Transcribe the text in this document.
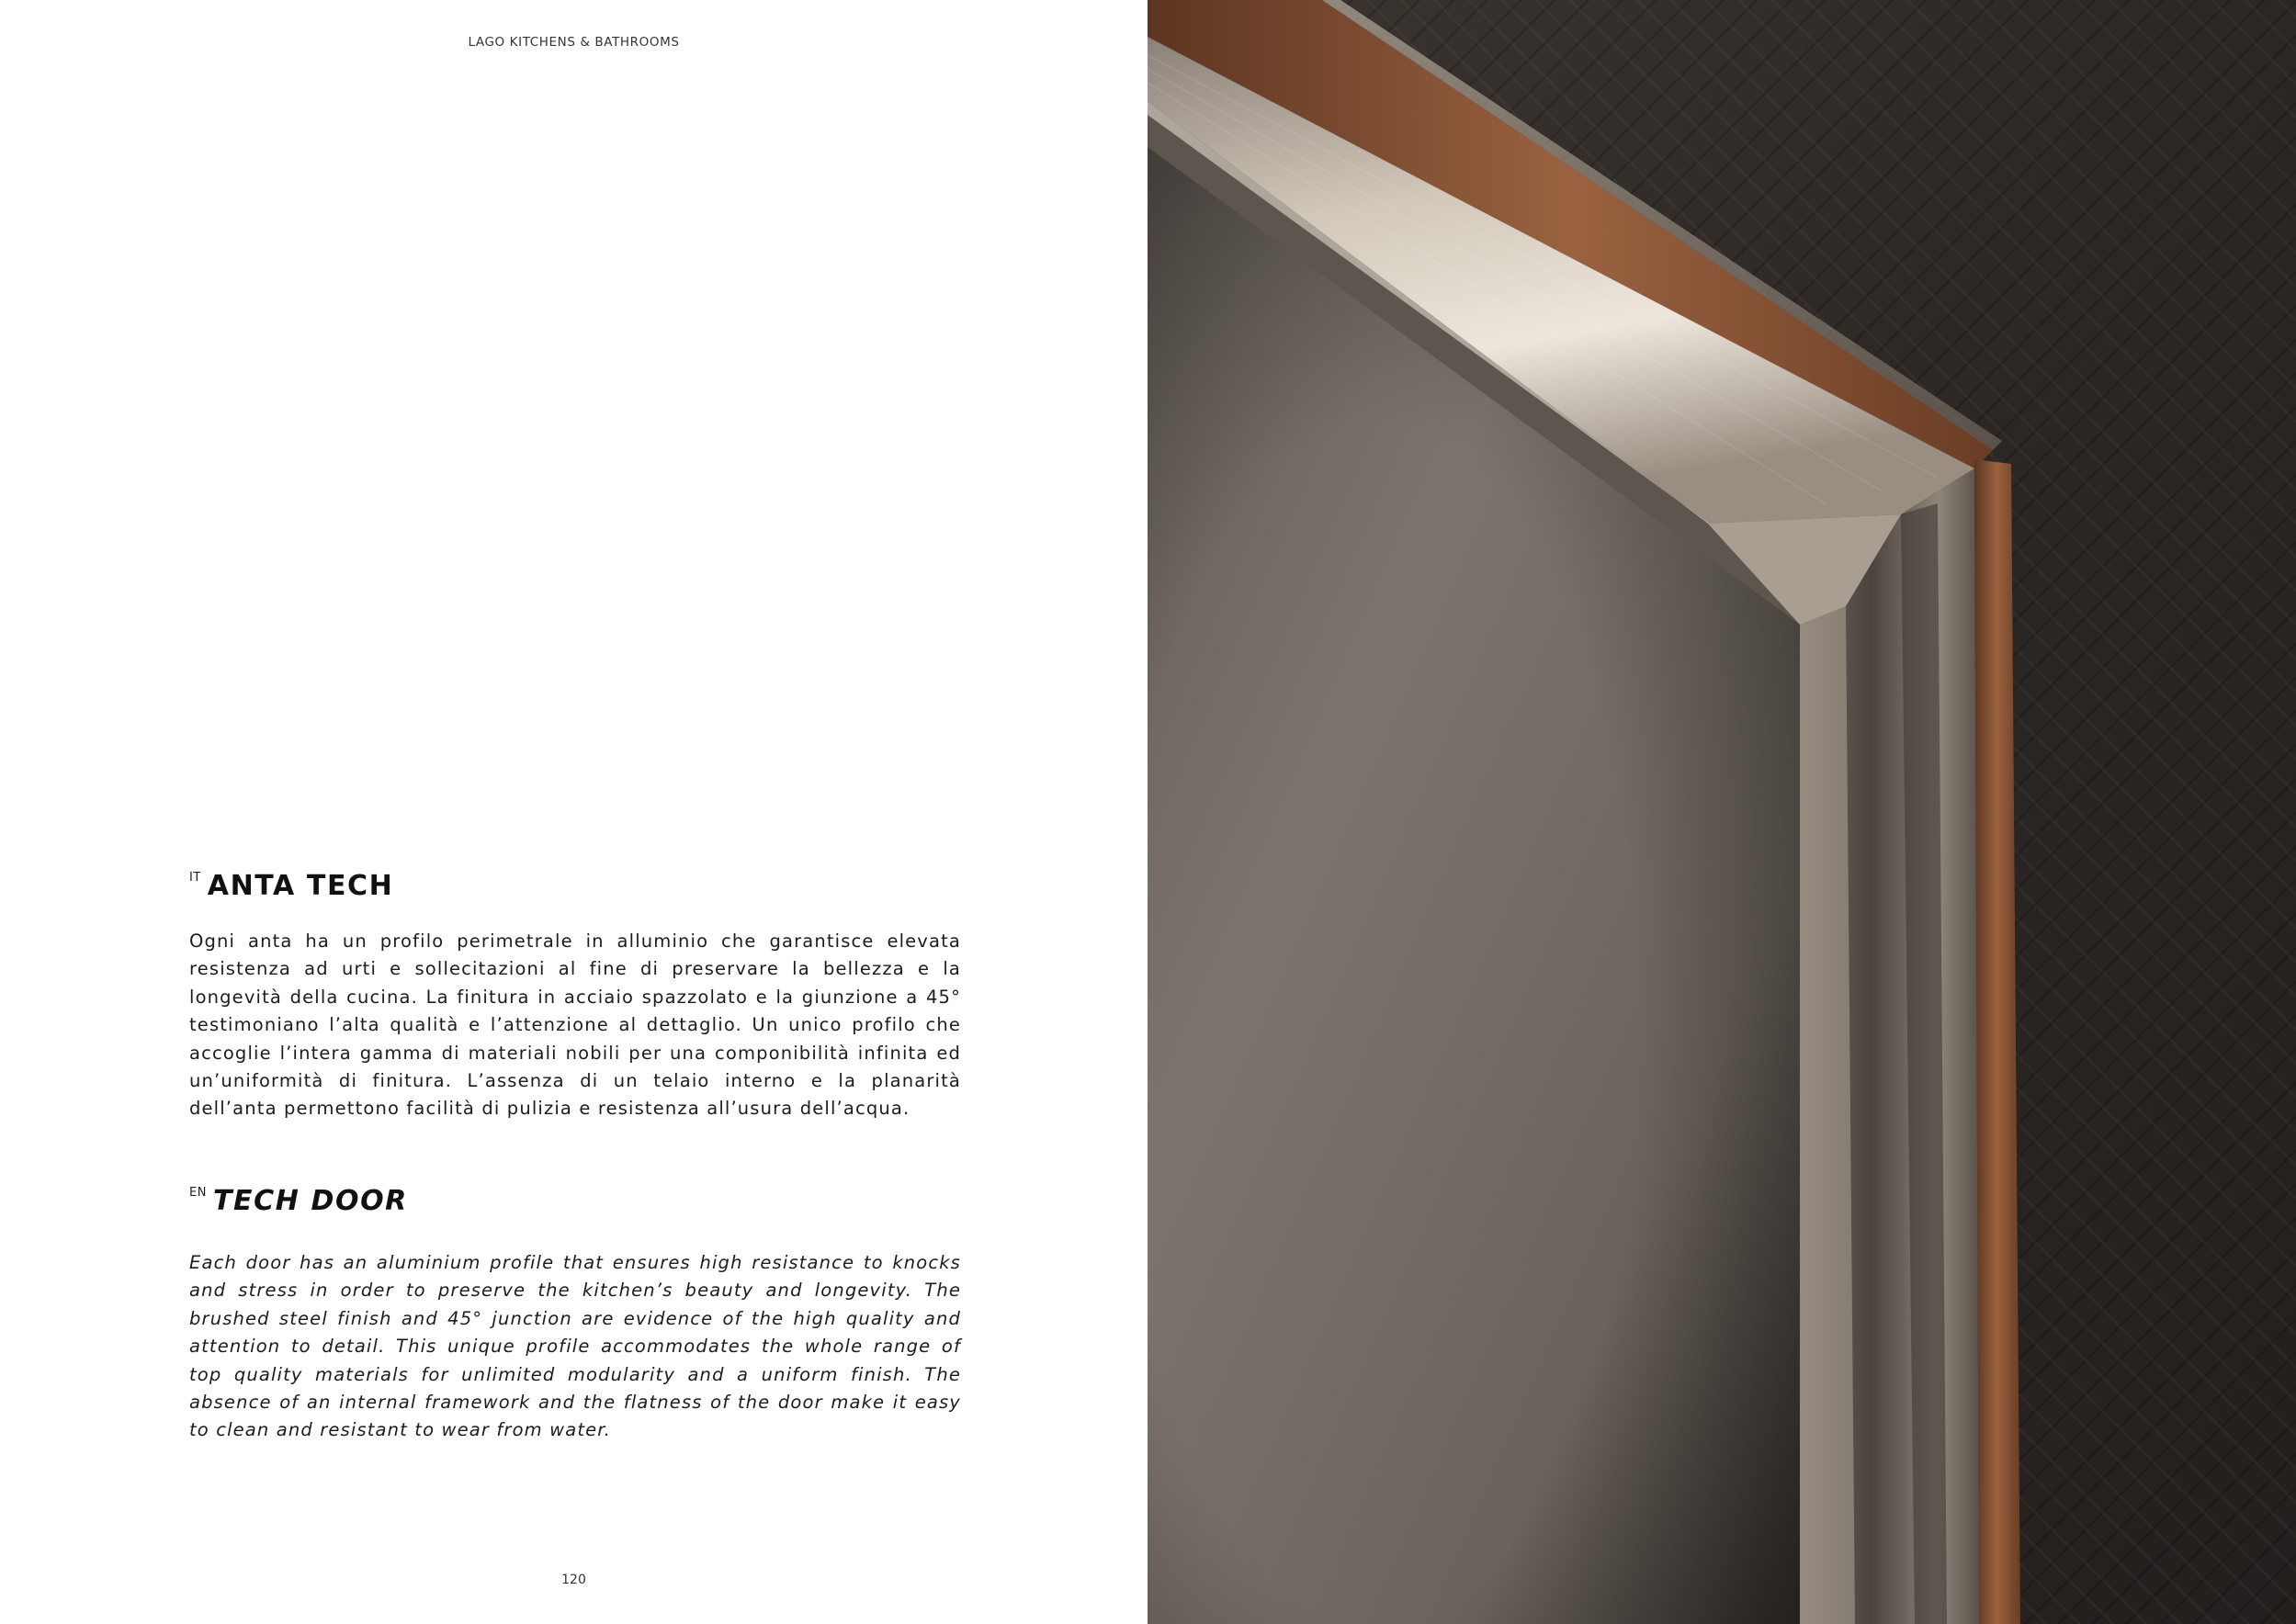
LAGO KITCHENS & BATHROOMS
IT ANTA TECH
Ogni anta ha un profilo perimetrale in alluminio che garantisce elevata resistenza ad urti e sollecitazioni al fine di preservare la bellezza e la longevità della cucina. La finitura in acciaio spazzolato e la giunzione a 45° testimoniano l’alta qualità e l’attenzione al dettaglio. Un unico profilo che accoglie l’intera gamma di materiali nobili per una componibilità infinita ed un’uniformità di finitura. L’assenza di un telaio interno e la planarità dell’anta permettono facilità di pulizia e resistenza all’usura dell’acqua.
EN TECH DOOR
Each door has an aluminium profile that ensures high resistance to knocks and stress in order to preserve the kitchen’s beauty and longevity. The brushed steel finish and 45° junction are evidence of the high quality and attention to detail. This unique profile accommodates the whole range of top quality materials for unlimited modularity and a uniform finish. The absence of an internal framework and the flatness of the door make it easy to clean and resistant to wear from water.
120
